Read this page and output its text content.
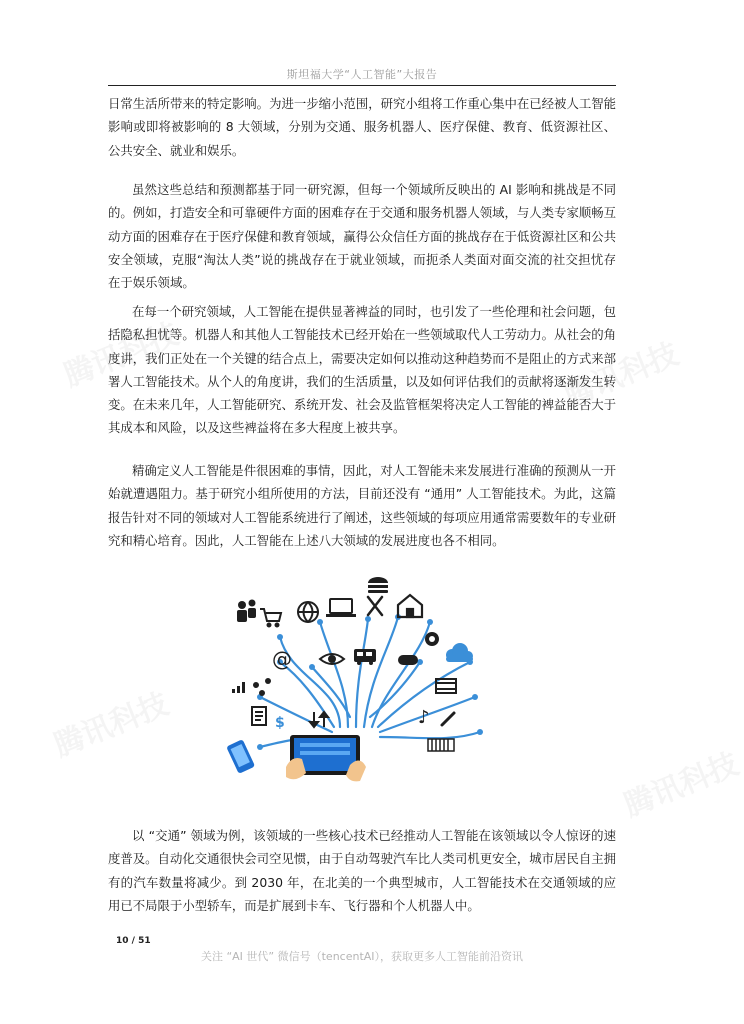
斯坦福大学“人工智能”大报告
腾讯科技	腾讯科技
腾讯科技
腾讯科技

日常生活所带来的特定影响。为进一步缩小范围，研究小组将工作重心集中在已经被人工智能影响或即将被影响的 8 大领域，分别为交通、服务机器人、医疗保健、教育、低资源社区、公共安全、就业和娱乐。

虽然这些总结和预测都基于同一研究源，但每一个领域所反映出的 AI 影响和挑战是不同的。例如，打造安全和可靠硬件方面的困难存在于交通和服务机器人领域，与人类专家顺畅互动方面的困难存在于医疗保健和教育领域，赢得公众信任方面的挑战存在于低资源社区和公共安全领域，克服“淘汰人类”说的挑战存在于就业领域，而扼杀人类面对面交流的社交担忧存在于娱乐领域。

在每一个研究领域，人工智能在提供显著裨益的同时，也引发了一些伦理和社会问题，包括隐私担忧等。机器人和其他人工智能技术已经开始在一些领域取代人工劳动力。从社会的角度讲，我们正处在一个关键的结合点上，需要决定如何以推动这种趋势而不是阻止的方式来部署人工智能技术。从个人的角度讲，我们的生活质量，以及如何评估我们的贡献将逐渐发生转变。在未来几年，人工智能研究、系统开发、社会及监管框架将决定人工智能的裨益能否大于其成本和风险，以及这些裨益将在多大程度上被共享。

精确定义人工智能是件很困难的事情，因此，对人工智能未来发展进行准确的预测从一开始就遭遇阻力。基于研究小组所使用的方法，目前还没有 “通用” 人工智能技术。为此，这篇报告针对不同的领域对人工智能系统进行了阐述，这些领域的每项应用通常需要数年的专业研究和精心培育。因此，人工智能在上述八大领域的发展进度也各不相同。

@
$	♪

以 “交通” 领域为例，该领域的一些核心技术已经推动人工智能在该领域以令人惊讶的速度普及。自动化交通很快会司空见惯，由于自动驾驶汽车比人类司机更安全，城市居民自主拥有的汽车数量将减少。到 2030 年，在北美的一个典型城市，人工智能技术在交通领域的应用已不局限于小型轿车，而是扩展到卡车、飞行器和个人机器人中。

10 / 51
关注 “AI 世代” 微信号（tencentAI），获取更多人工智能前沿资讯
